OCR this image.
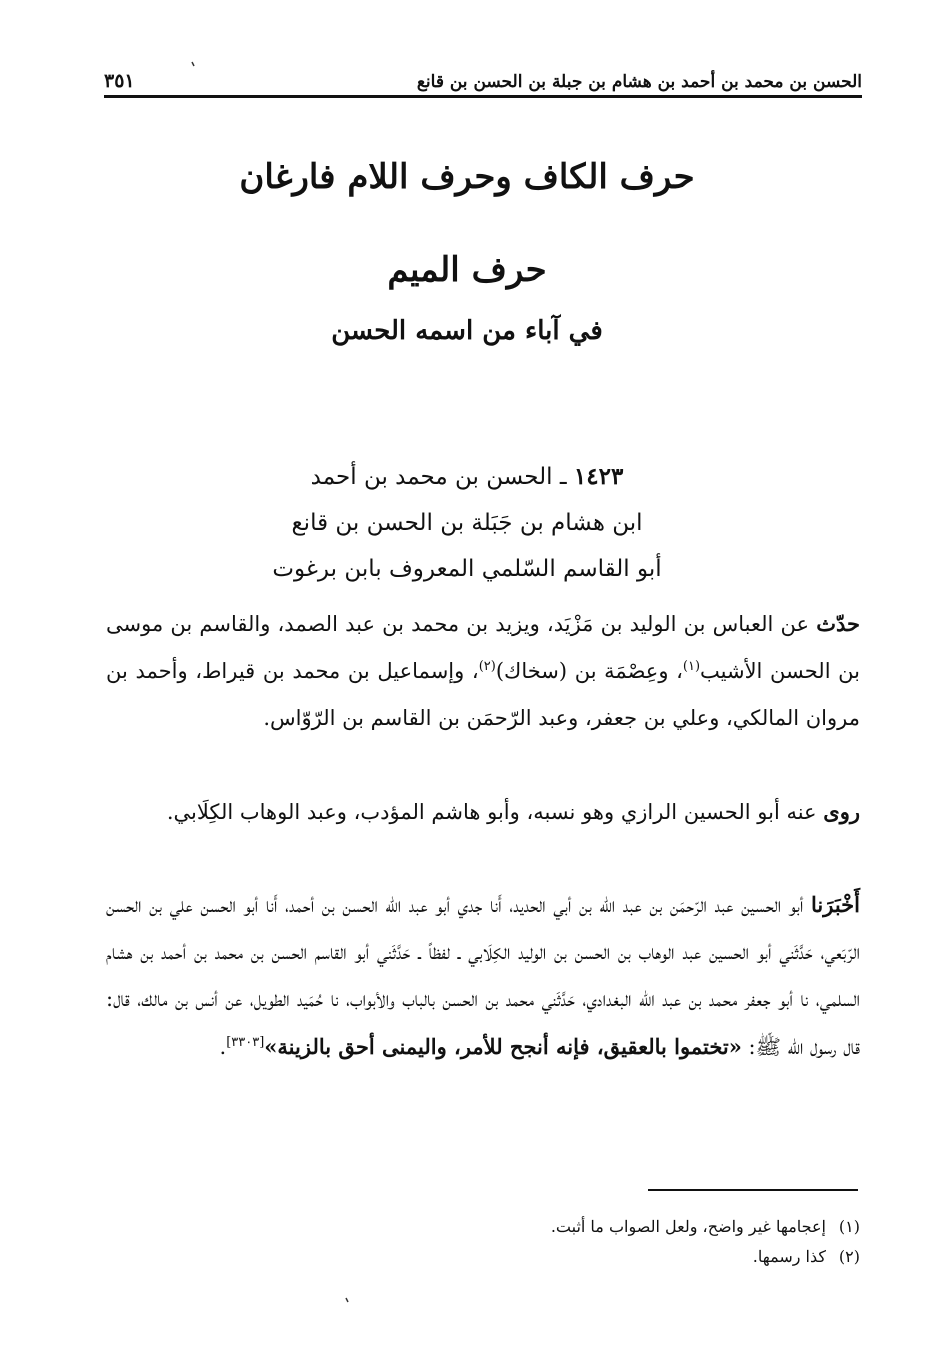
الحسن بن محمد بن أحمد بن هشام بن جبلة بن الحسن بن قانع
٣٥١
حرف الكاف وحرف اللام فارغان
حرف الميم
في آباء من اسمه الحسن
١٤٢٣ ـ الحسن بن محمد بن أحمد
ابن هشام بن جَبَلة بن الحسن بن قانع
أبو القاسم السّلمي المعروف بابن برغوت

حدّث عن العباس بن الوليد بن مَزْيَد، ويزيد بن محمد بن عبد الصمد، والقاسم بن موسى بن الحسن الأشيب$^{(١)}$، وعِصْمَة بن (سخاك)$^{(٢)}$، وإسماعيل بن محمد بن قيراط، وأحمد بن مروان المالكي، وعلي بن جعفر، وعبد الرّحمَن بن القاسم بن الرّوّاس.

روى عنه أبو الحسين الرازي وهو نسبه، وأبو هاشم المؤدب، وعبد الوهاب الكِلَابي.

أَخْبَرَنا أبو الحسين عبد الرّحمَن بن عبد اللّه بن أبي الحديد، أَنا جدي أبو عبد اللّه الحسن بن أحمد، أَنا أبو الحسن علي بن الحسن الرّبَعي، حَدَّثَني أبو الحسين عبد الوهاب بن الحسن بن الوليد الكِلَابي ـ لفظاً ـ حَدَّثَني أبو القاسم الحسن بن محمد بن أحمد بن هشام السلمي، نا أبو جعفر محمد بن عبد اللّه البغدادي، حَدَّثَني محمد بن الحسن بالباب والأبواب، نا حُمَيد الطويل، عن أنس بن مالك، قال: قال رسول اللّه ﷺ: «تختموا بالعقيق، فإنه أنجح للأمر، واليمنى أحق بالزينة»[٣٣٠٣].

(١)إعجامها غير واضح، ولعل الصواب ما أثبت.
(٢)كذا رسمها.
